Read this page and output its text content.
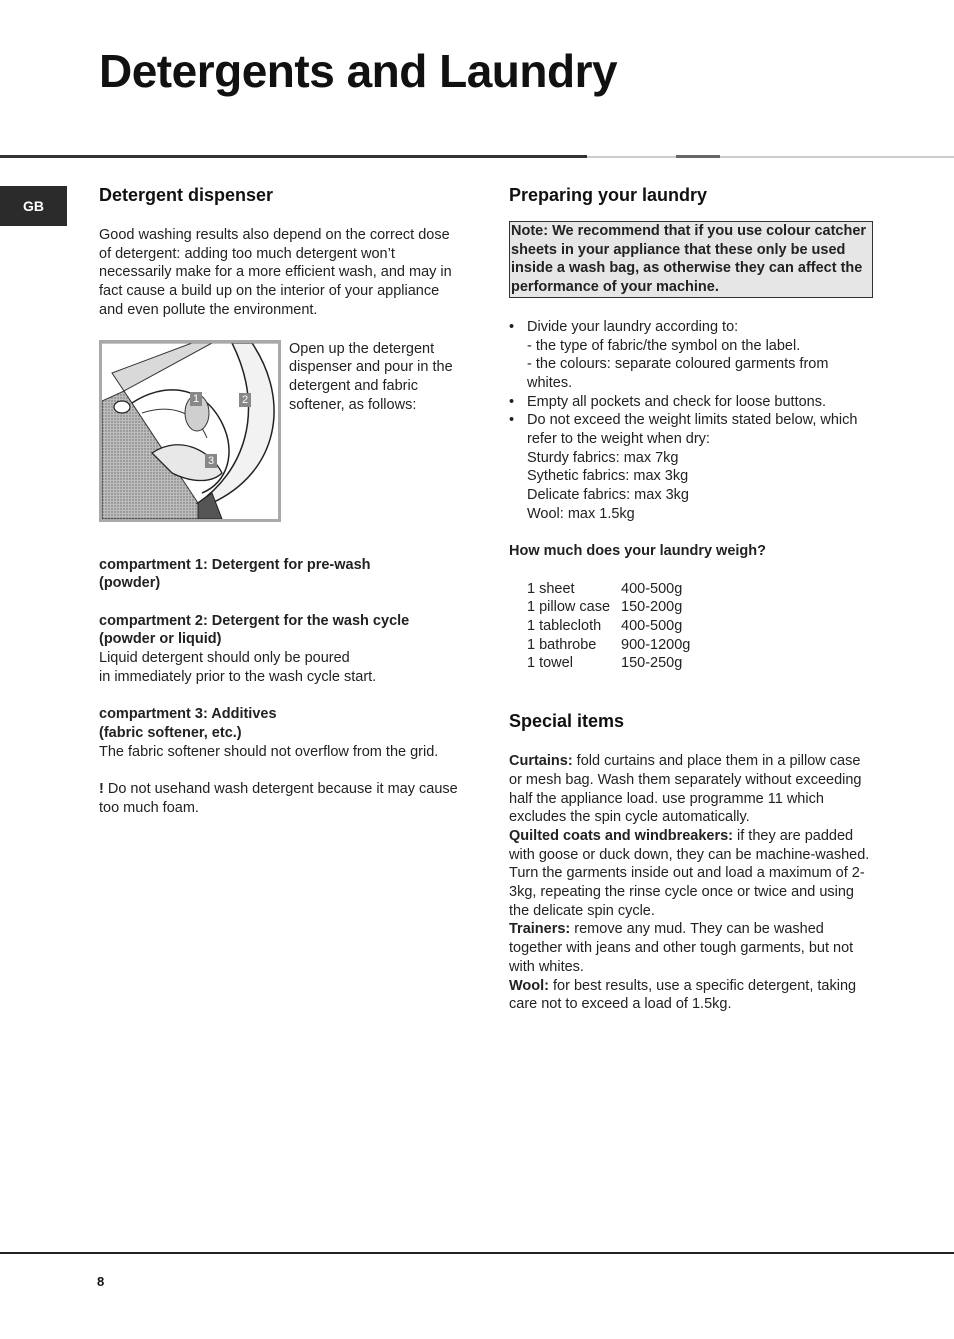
Detergents and Laundry
GB
Detergent dispenser

Good washing results also depend on the correct dose of detergent: adding too much detergent won’t necessarily make for a more efficient wash, and may in fact cause a build up on the interior of your appliance and even pollute the environment.

1	2
3

Open up the detergent dispenser and pour in the detergent and fabric softener, as follows:

compartment 1: Detergent for pre-wash
(powder)
compartment 2: Detergent for the wash cycle
(powder or liquid)
Liquid detergent should only be poured
in immediately prior to the wash cycle start.
compartment 3: Additives
(fabric softener, etc.)
The fabric softener should not overflow from the grid.

! Do not usehand wash detergent because it may cause too much foam.

Preparing your laundry
Note: We recommend that if you use colour catcher sheets in your appliance that these only be used inside a wash bag, as otherwise they can affect the performance of your machine.
• Divide your laundry according to:
- the type of fabric/the symbol on the label.
- the colours: separate coloured garments from whites.
• Empty all pockets and check for loose buttons.
• Do not exceed the weight limits stated below, which refer to the weight when dry:
Sturdy fabrics: max 7kg
Sythetic fabrics: max 3kg
Delicate fabrics: max 3kg
Wool: max 1.5kg

How much does your laundry weigh?

1 sheet	400-500g
1 pillow case	150-200g
1 tablecloth	400-500g
1 bathrobe	900-1200g
1 towel	150-250g
Special items

Curtains: fold curtains and place them in a pillow case or mesh bag. Wash them separately without exceeding half the appliance load. use programme 11 which excludes the spin cycle automatically.

Quilted coats and windbreakers: if they are padded with goose or duck down, they can be machine-washed. Turn the garments inside out and load a maximum of 2-3kg, repeating the rinse cycle once or twice and using the delicate spin cycle.

Trainers: remove any mud. They can be washed together with jeans and other tough garments, but not with whites.

Wool: for best results, use a specific detergent, taking care not to exceed a load of 1.5kg.

8
